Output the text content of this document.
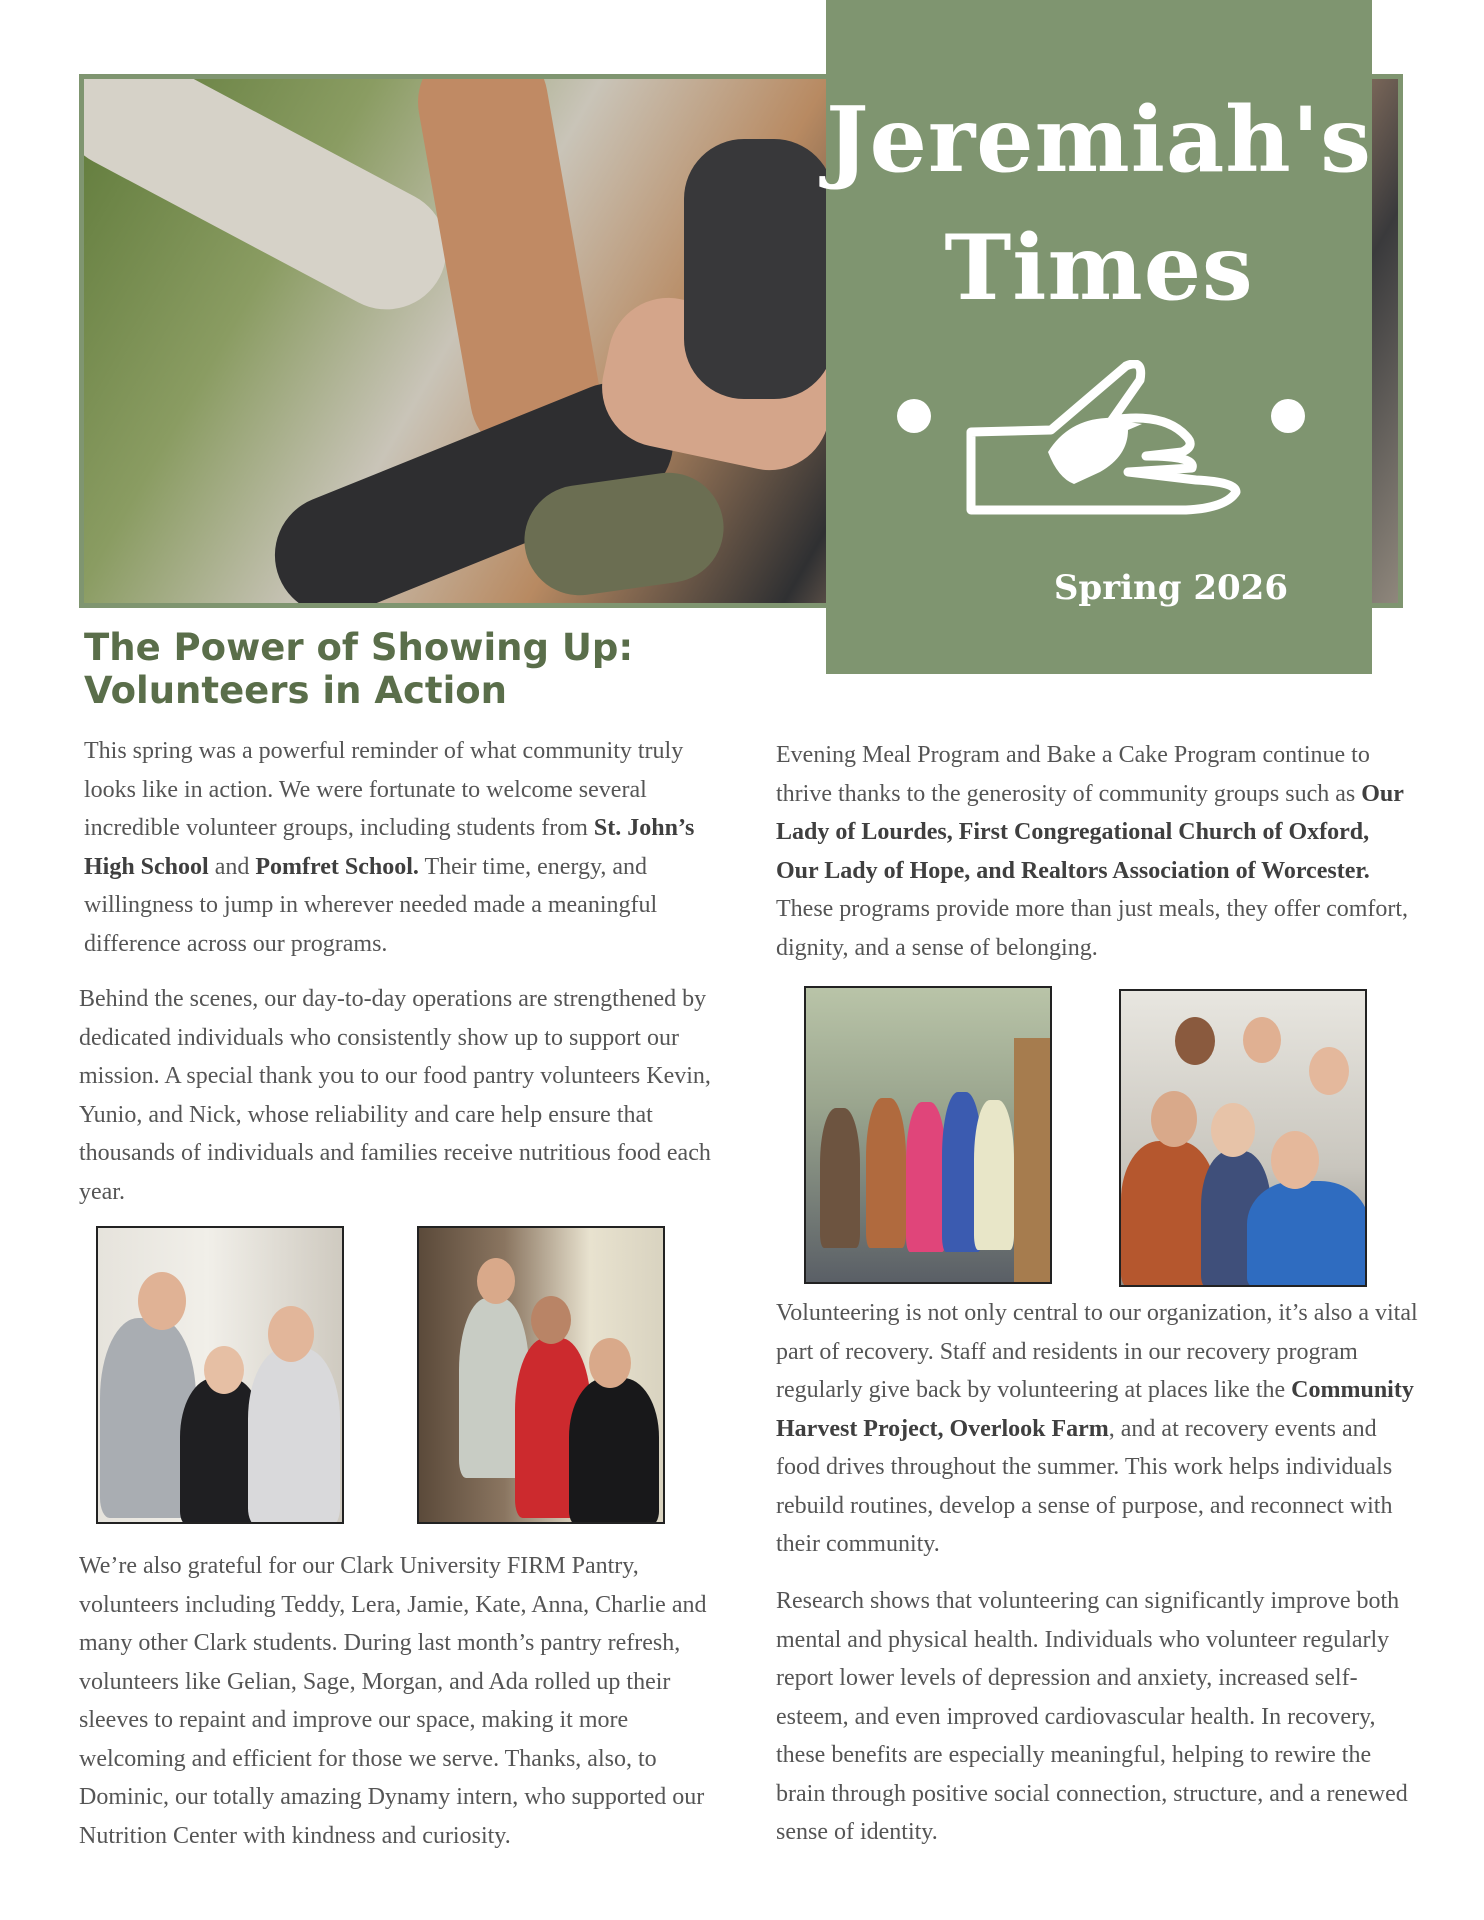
Jeremiah's
Times
Spring 2026
The Power of Showing Up:
Volunteers in Action

This spring was a powerful reminder of what community truly looks like in action. We were fortunate to welcome several incredible volunteer groups, including students from St. John’s High School and Pomfret School. Their time, energy, and willingness to jump in wherever needed made a meaningful difference across our programs.

Behind the scenes, our day-to-day operations are strengthened by dedicated individuals who consistently show up to support our mission. A special thank you to our food pantry volunteers Kevin, Yunio, and Nick, whose reliability and care help ensure that thousands of individuals and families receive nutritious food each year.

We’re also grateful for our Clark University FIRM Pantry, volunteers including Teddy, Lera, Jamie, Kate, Anna, Charlie and many other Clark students. During last month’s pantry refresh, volunteers like Gelian, Sage, Morgan, and Ada rolled up their sleeves to repaint and improve our space, making it more welcoming and efficient for those we serve. Thanks, also, to Dominic, our totally amazing Dynamy intern, who supported our Nutrition Center with kindness and curiosity.

Evening Meal Program and Bake a Cake Program continue to thrive thanks to the generosity of community groups such as Our Lady of Lourdes, First Congregational Church of Oxford, Our Lady of Hope, and Realtors Association of Worcester. These programs provide more than just meals, they offer comfort, dignity, and a sense of belonging.

Volunteering is not only central to our organization, it’s also a vital part of recovery. Staff and residents in our recovery program regularly give back by volunteering at places like the Community Harvest Project, Overlook Farm, and at recovery events and food drives throughout the summer. This work helps individuals rebuild routines, develop a sense of purpose, and reconnect with their community.

Research shows that volunteering can significantly improve both mental and physical health. Individuals who volunteer regularly report lower levels of depression and anxiety, increased self-esteem, and even improved cardiovascular health. In recovery, these benefits are especially meaningful, helping to rewire the brain through positive social connection, structure, and a renewed sense of identity.
